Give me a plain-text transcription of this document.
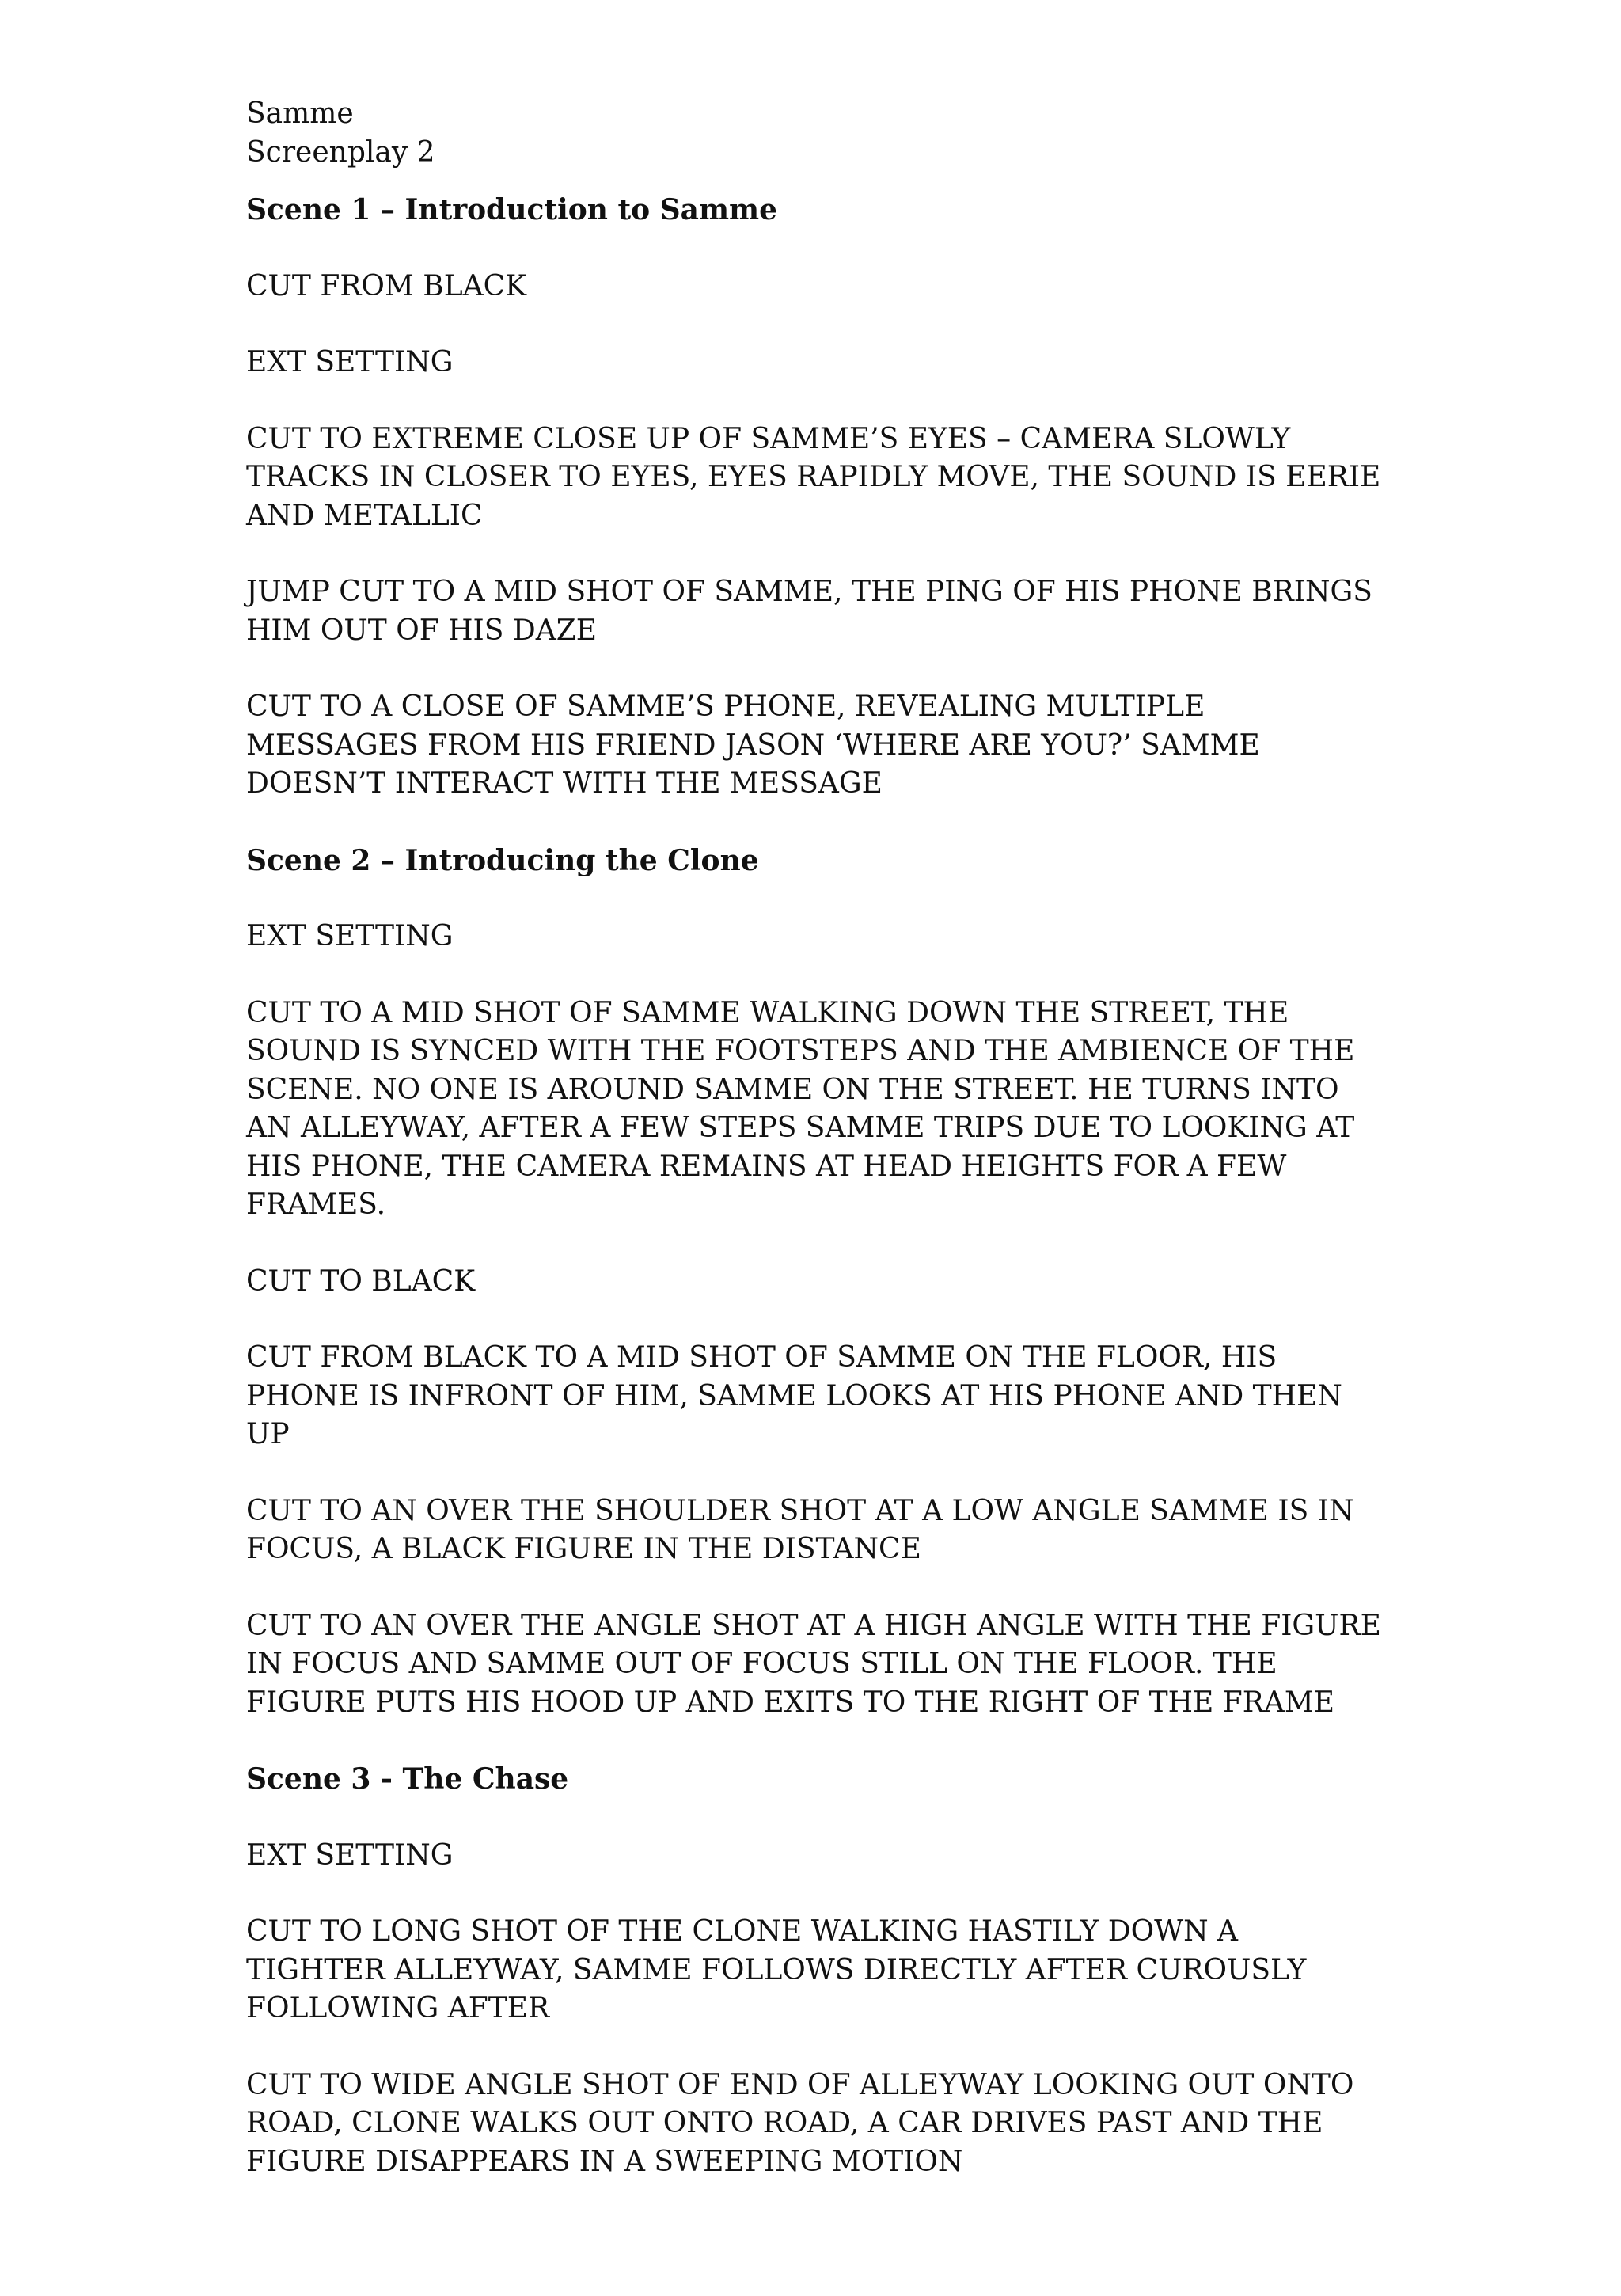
Samme
Screenplay 2
Scene 1 – Introduction to Samme

CUT FROM BLACK

EXT SETTING

CUT TO EXTREME CLOSE UP OF SAMME’S EYES – CAMERA SLOWLY TRACKS IN CLOSER TO EYES, EYES RAPIDLY MOVE, THE SOUND IS EERIE AND METALLIC

JUMP CUT TO A MID SHOT OF SAMME, THE PING OF HIS PHONE BRINGS HIM OUT OF HIS DAZE

CUT TO A CLOSE OF SAMME’S PHONE, REVEALING MULTIPLE MESSAGES FROM HIS FRIEND JASON ‘WHERE ARE YOU?’ SAMME DOESN’T INTERACT WITH THE MESSAGE

Scene 2 – Introducing the Clone

EXT SETTING

CUT TO A MID SHOT OF SAMME WALKING DOWN THE STREET, THE SOUND IS SYNCED WITH THE FOOTSTEPS AND THE AMBIENCE OF THE SCENE. NO ONE IS AROUND SAMME ON THE STREET. HE TURNS INTO AN ALLEYWAY, AFTER A FEW STEPS SAMME TRIPS DUE TO LOOKING AT HIS PHONE, THE CAMERA REMAINS AT HEAD HEIGHTS FOR A FEW FRAMES.

CUT TO BLACK

CUT FROM BLACK TO A MID SHOT OF SAMME ON THE FLOOR, HIS PHONE IS INFRONT OF HIM, SAMME LOOKS AT HIS PHONE AND THEN UP

CUT TO AN OVER THE SHOULDER SHOT AT A LOW ANGLE SAMME IS IN FOCUS, A BLACK FIGURE IN THE DISTANCE

CUT TO AN OVER THE ANGLE SHOT AT A HIGH ANGLE WITH THE FIGURE IN FOCUS AND SAMME OUT OF FOCUS STILL ON THE FLOOR. THE FIGURE PUTS HIS HOOD UP AND EXITS TO THE RIGHT OF THE FRAME

Scene 3 - The Chase

EXT SETTING

CUT TO LONG SHOT OF THE CLONE WALKING HASTILY DOWN A TIGHTER ALLEYWAY, SAMME FOLLOWS DIRECTLY AFTER CUROUSLY FOLLOWING AFTER

CUT TO WIDE ANGLE SHOT OF END OF ALLEYWAY LOOKING OUT ONTO ROAD, CLONE WALKS OUT ONTO ROAD, A CAR DRIVES PAST AND THE FIGURE DISAPPEARS IN A SWEEPING MOTION
